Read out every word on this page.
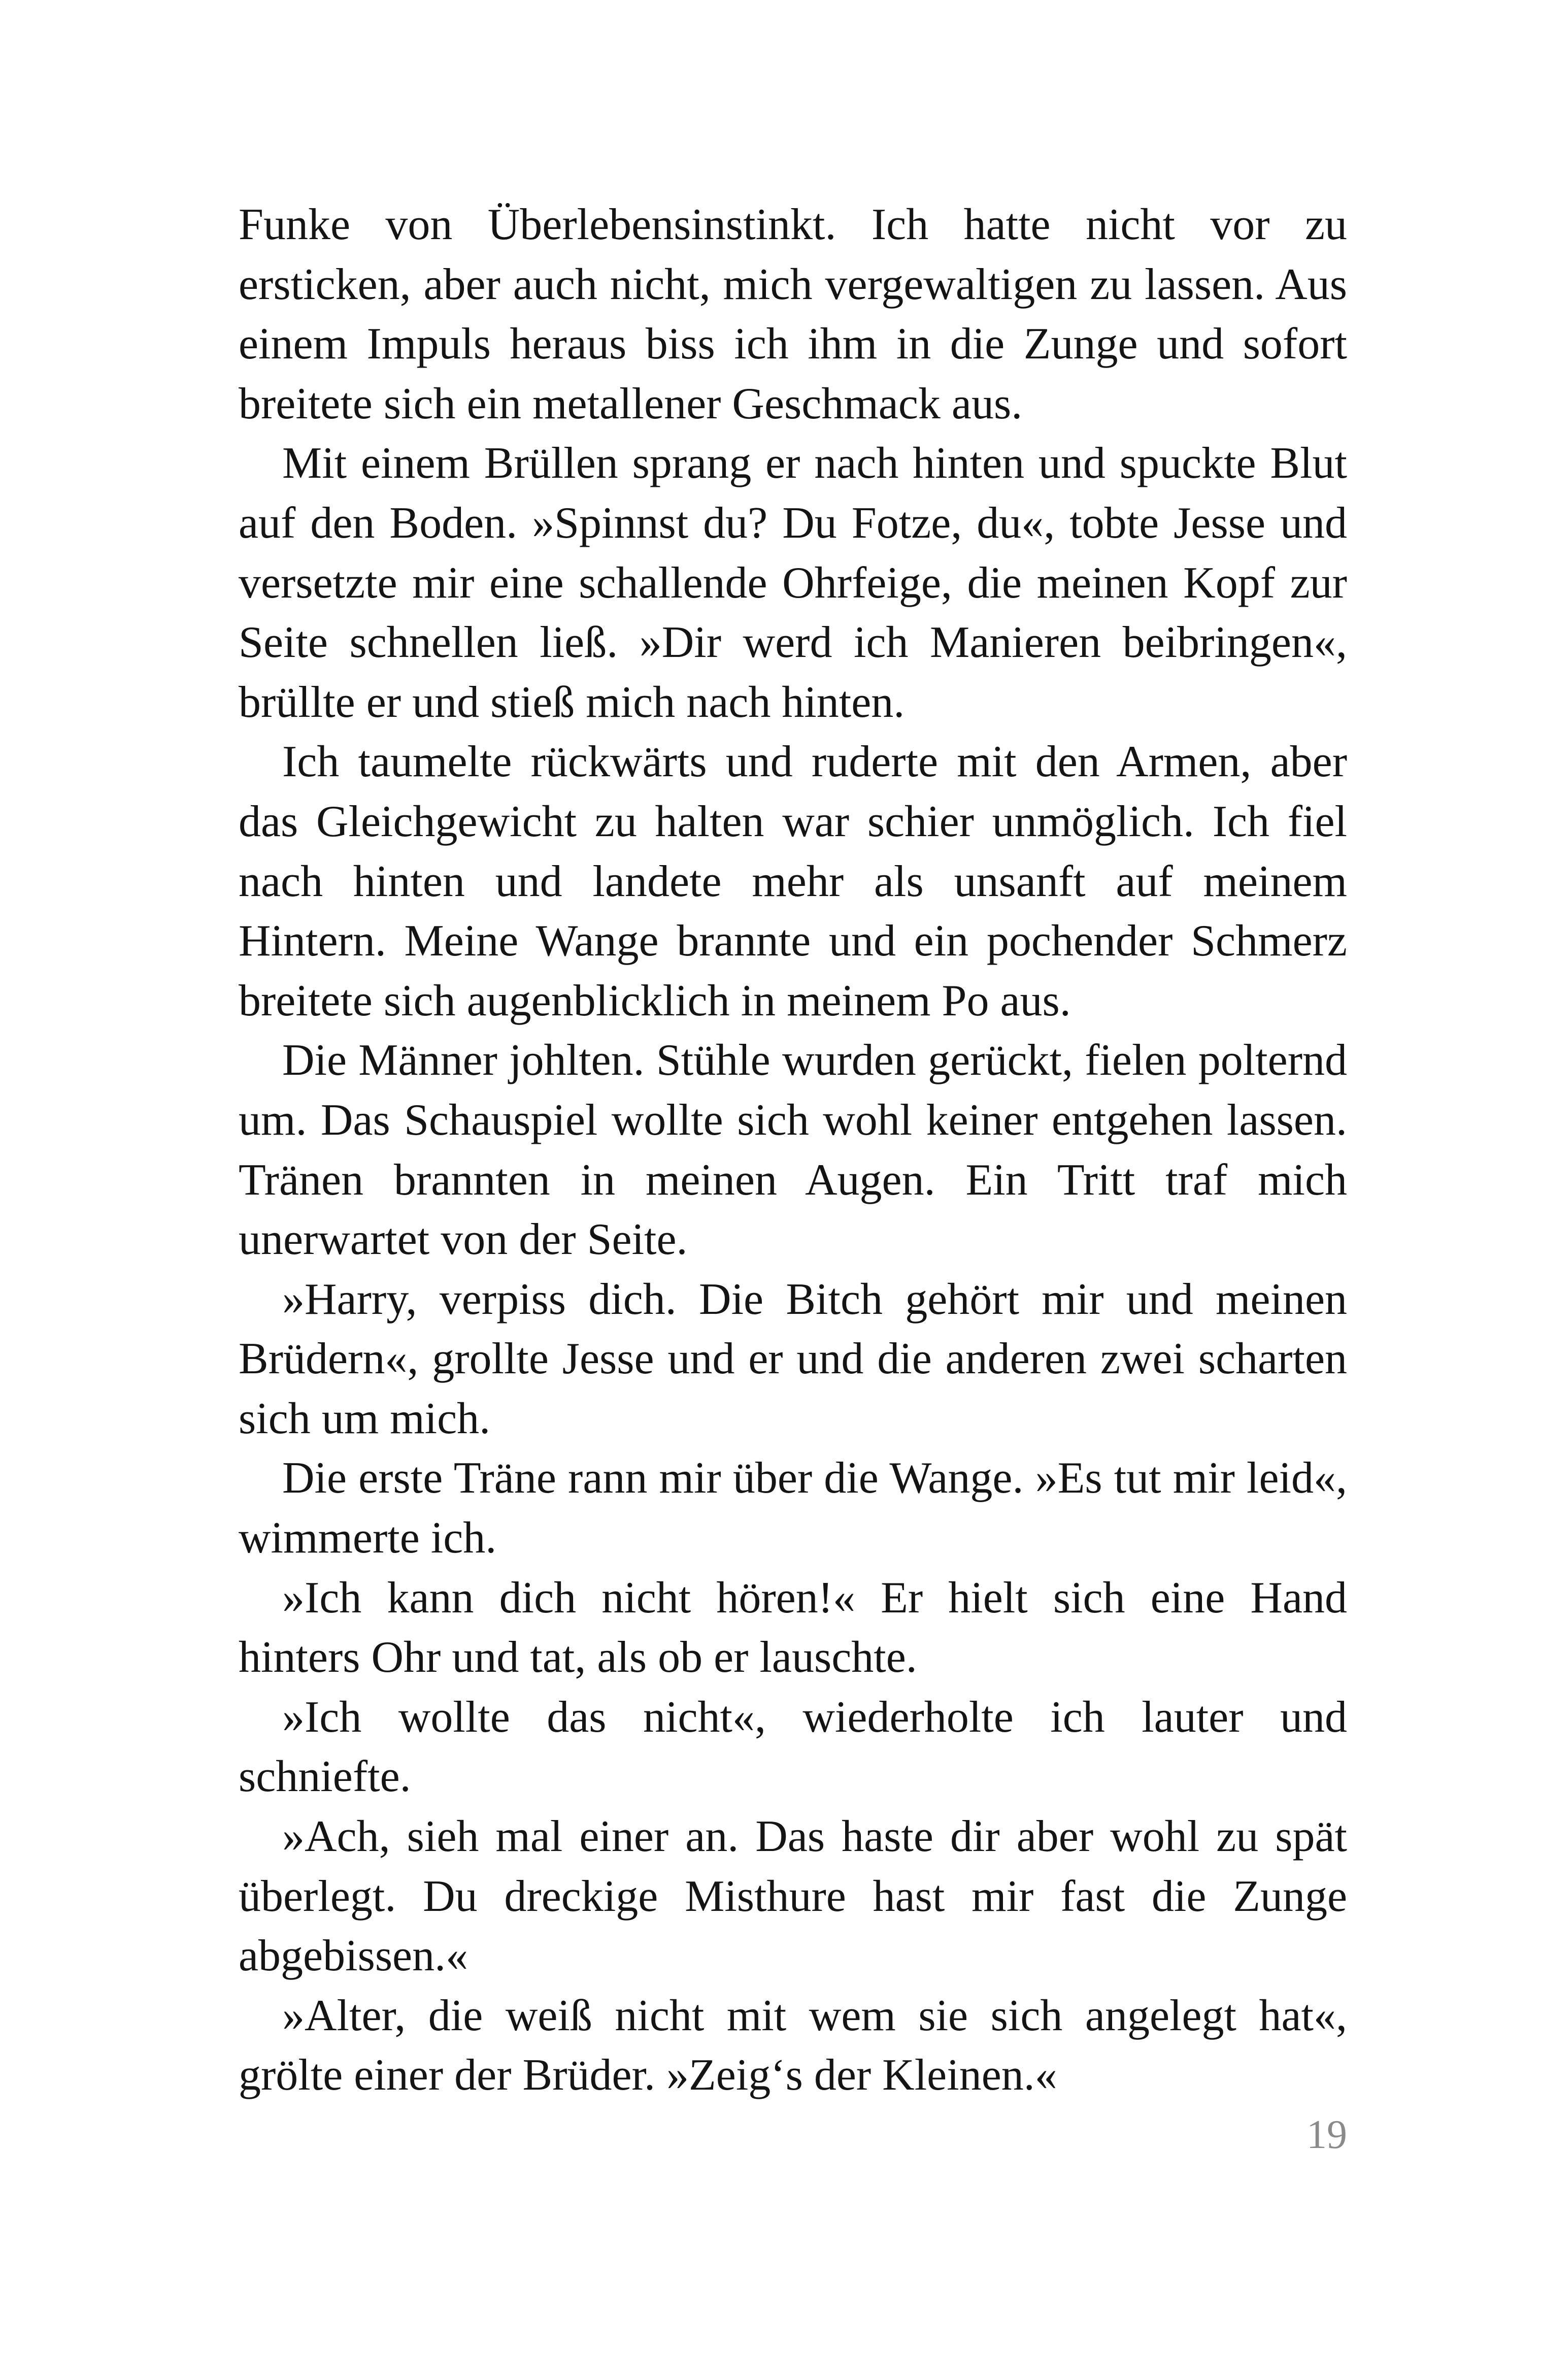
Funke von Überlebensinstinkt. Ich hatte nicht vor zu ersticken, aber auch nicht, mich vergewaltigen zu lassen. Aus einem Impuls heraus biss ich ihm in die Zunge und sofort breitete sich ein metallener Geschmack aus.

Mit einem Brüllen sprang er nach hinten und spuckte Blut auf den Boden. »Spinnst du? Du Fotze, du«, tobte Jesse und versetzte mir eine schallende Ohrfeige, die meinen Kopf zur Seite schnellen ließ. »Dir werd ich Manieren beibringen«, brüllte er und stieß mich nach hinten.

Ich taumelte rückwärts und ruderte mit den Armen, aber das Gleichgewicht zu halten war schier unmöglich. Ich fiel nach hinten und landete mehr als unsanft auf meinem Hintern. Meine Wange brannte und ein pochender Schmerz breitete sich augenblicklich in meinem Po aus.

Die Männer johlten. Stühle wurden gerückt, fielen polternd um. Das Schauspiel wollte sich wohl keiner entgehen lassen. Tränen brannten in meinen Augen. Ein Tritt traf mich unerwartet von der Seite.

»Harry, verpiss dich. Die Bitch gehört mir und meinen Brüdern«, grollte Jesse und er und die anderen zwei scharten sich um mich.

Die erste Träne rann mir über die Wange. »Es tut mir leid«, wimmerte ich.

»Ich kann dich nicht hören!« Er hielt sich eine Hand hinters Ohr und tat, als ob er lauschte.

»Ich wollte das nicht«, wiederholte ich lauter und schniefte.

»Ach, sieh mal einer an. Das haste dir aber wohl zu spät überlegt. Du dreckige Misthure hast mir fast die Zunge abgebissen.«

»Alter, die weiß nicht mit wem sie sich angelegt hat«, grölte einer der Brüder. »Zeig‘s der Kleinen.«

19
